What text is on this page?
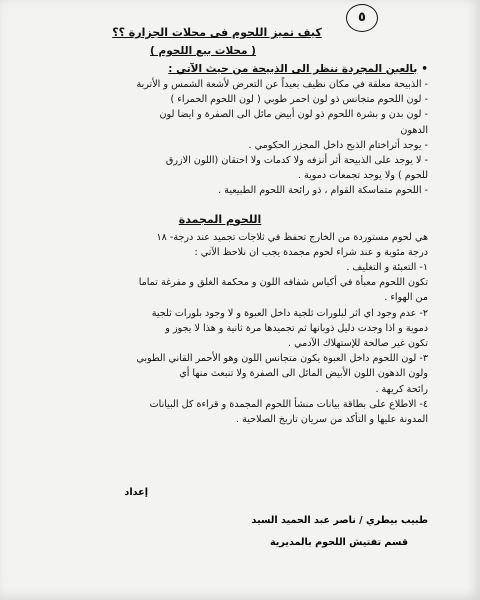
٥
كيف تميز اللحوم فى محلات الجزارة ؟؟
( محلات بيع اللحوم )
•بالعين المجردة ننظر الى الذبيحة من حيث الآتي :
- الذبيحة معلقة في مكان نظيف بعيداً عن التعرض لأشعة الشمس و الأتربة
- لون اللحوم متجانس ذو لون احمر طوبي ( لون اللحوم الحمراء )
- لون بدن و بشرة اللحوم ذو لون أبيض مائل الى الصفرة و ايضا لون
الدهون
- يوجد أثراختام الذبح داخل المجزر الحكومي .
- لا يوجد على الذبيحة أثر أنزفه ولا كدمات ولا احتقان (اللون الازرق
للحوم ) ولا يوجد تجمعات دموية .
- اللحوم متماسكة القوام ، ذو رائحة اللحوم الطبيعية .
اللحوم المجمدة
هي لحوم مستوردة من الخارج تحفظ في ثلاجات تجميد عند درجة- ١٨
درجة مئوية و عند شراء لحوم مجمدة يجب ان نلاحظ الآتي :
١- التعبئة و التغليف .
تكون اللحوم معبأة في أكياس شفافه اللون و محكمة الغلق و مفرغة تماما
من الهواء .
٢- عدم وجود اي اثر لبلورات ثلجية داخل العبوة و لا وجود بلورات ثلجية
دموية و اذا وجدت دليل ذوبانها ثم تجميدها مرة ثانية و هذا لا يجوز و
تكون غير صالحة للإستهلاك الآدمي .
٣- لون اللحوم داخل العبوة يكون متجانس اللون وهو الأحمر القاني الطوبي
ولون الدهون اللون الأبيض المائل الى الصفرة ولا تنبعث منها أي
رائحة كريهة .
٤- الاطلاع على بطاقة بيانات منشأ اللحوم المجمدة و قراءة كل البيانات
المدونة عليها و التأكد من سريان تاريخ الصلاحية .
إعداد
طبيب بيطري / ناصر عبد الحميد السيد
قسم تفتيش اللحوم بالمديرية
